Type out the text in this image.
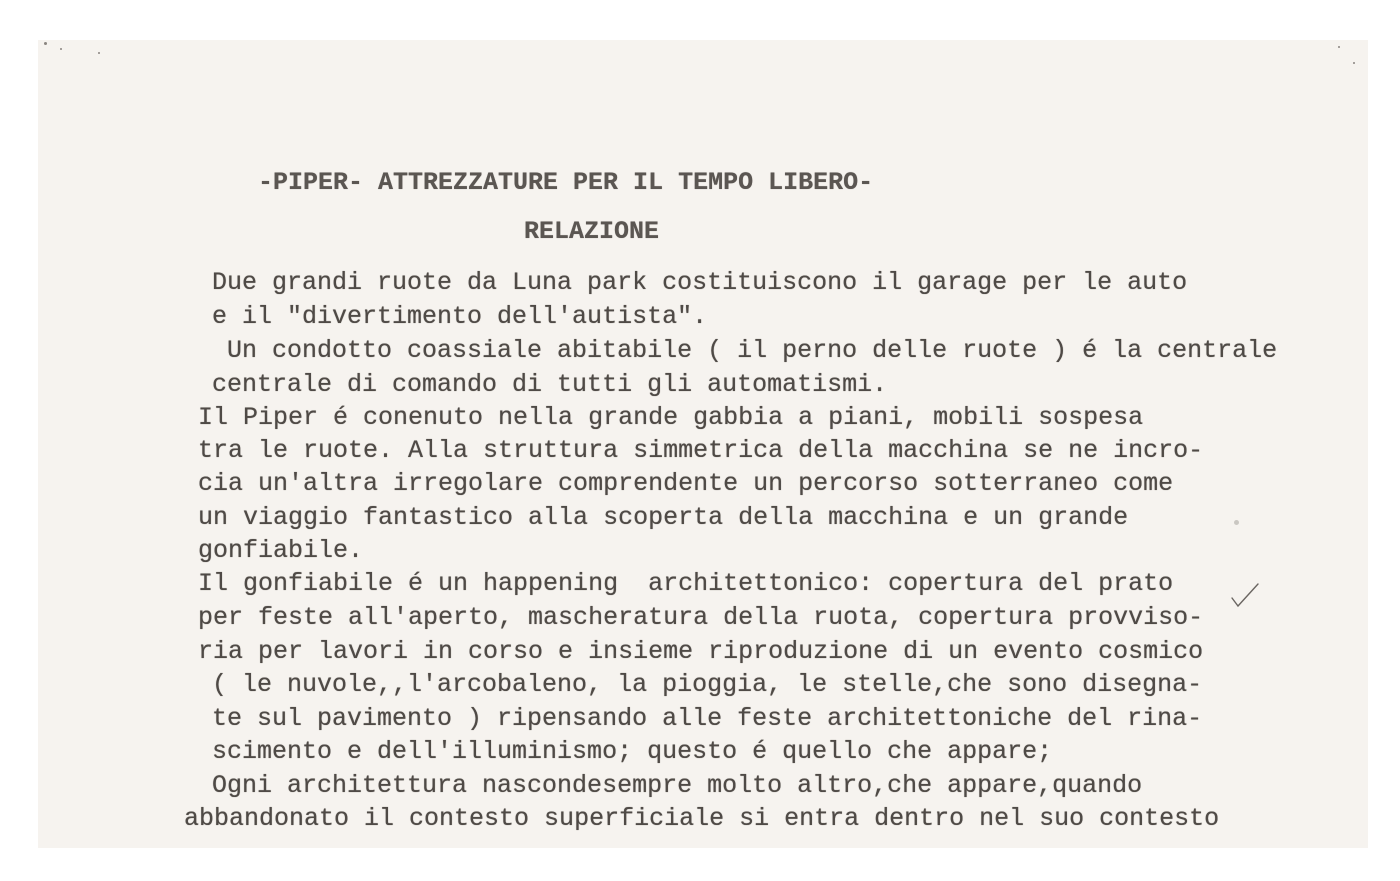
-PIPER- ATTREZZATURE PER IL TEMPO LIBERO-
RELAZIONE
Due grandi ruote da Luna park costituiscono il garage per le auto
e il "divertimento dell'autista".
Un condotto coassiale abitabile ( il perno delle ruote ) é la centrale
centrale di comando di tutti gli automatismi.
Il Piper é conenuto nella grande gabbia a piani, mobili sospesa
tra le ruote. Alla struttura simmetrica della macchina se ne incro-
cia un'altra irregolare comprendente un percorso sotterraneo come
un viaggio fantastico alla scoperta della macchina e un grande
gonfiabile.
Il gonfiabile é un happening  architettonico: copertura del prato
per feste all'aperto, mascheratura della ruota, copertura provviso-
ria per lavori in corso e insieme riproduzione di un evento cosmico
( le nuvole,,l'arcobaleno, la pioggia, le stelle,che sono disegna-
te sul pavimento ) ripensando alle feste architettoniche del rina-
scimento e dell'illuminismo; questo é quello che appare;
Ogni architettura nascondesempre molto altro,che appare,quando
abbandonato il contesto superficiale si entra dentro nel suo contesto
